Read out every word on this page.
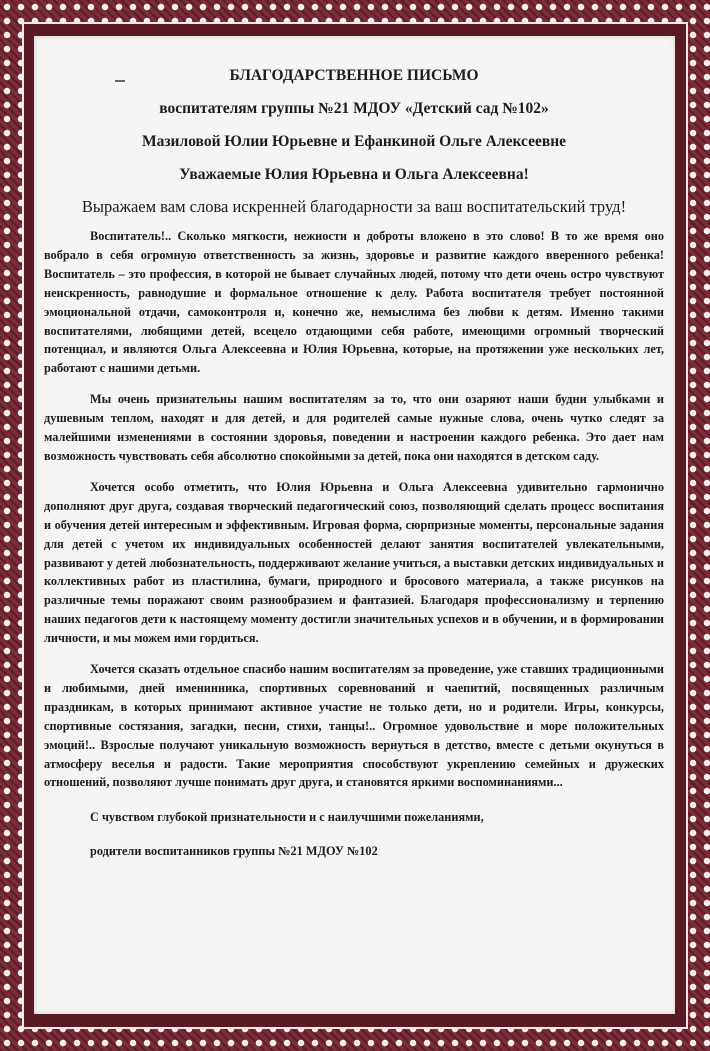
БЛАГОДАРСТВЕННОЕ ПИСЬМО
воспитателям группы №21 МДОУ «Детский сад №102»
Мазиловой Юлии Юрьевне и Ефанкиной Ольге Алексеевне
Уважаемые Юлия Юрьевна и Ольга Алексеевна!
Выражаем вам слова искренней благодарности за ваш воспитательский труд!

Воспитатель!.. Сколько мягкости, нежности и доброты вложено в это слово! В то же время оно вобрало в себя огромную ответственность за жизнь, здоровье и развитие каждого вверенного ребенка! Воспитатель – это профессия, в которой не бывает случайных людей, потому что дети очень остро чувствуют неискренность, равнодушие и формальное отношение к делу. Работа воспитателя требует постоянной эмоциональной отдачи, самоконтроля и, конечно же, немыслима без любви к детям. Именно такими воспитателями, любящими детей, всецело отдающими себя работе, имеющими огромный творческий потенциал, и являются Ольга Алексеевна и Юлия Юрьевна, которые, на протяжении уже нескольких лет, работают с нашими детьми.

Мы очень признательны нашим воспитателям за то, что они озаряют наши будни улыбками и душевным теплом, находят и для детей, и для родителей самые нужные слова, очень чутко следят за малейшими изменениями в состоянии здоровья, поведении и настроении каждого ребенка. Это дает нам возможность чувствовать себя абсолютно спокойными за детей, пока они находятся в детском саду.

Хочется особо отметить, что Юлия Юрьевна и Ольга Алексеевна удивительно гармонично дополняют друг друга, создавая творческий педагогический союз, позволяющий сделать процесс воспитания и обучения детей интересным и эффективным. Игровая форма, сюрпризные моменты, персональные задания для детей с учетом их индивидуальных особенностей делают занятия воспитателей увлекательными, развивают у детей любознательность, поддерживают желание учиться, а выставки детских индивидуальных и коллективных работ из пластилина, бумаги, природного и бросового материала, а также рисунков на различные темы поражают своим разнообразием и фантазией. Благодаря профессионализму и терпению наших педагогов дети к настоящему моменту достигли значительных успехов и в обучении, и в формировании личности, и мы можем ими гордиться.

Хочется сказать отдельное спасибо нашим воспитателям за проведение, уже ставших традиционными и любимыми, дней именинника, спортивных соревнований и чаепитий, посвященных различным праздникам, в которых принимают активное участие не только дети, но и родители. Игры, конкурсы, спортивные состязания, загадки, песни, стихи, танцы!.. Огромное удовольствие и море положительных эмоций!.. Взрослые получают уникальную возможность вернуться в детство, вместе с детьми окунуться в атмосферу веселья и радости. Такие мероприятия способствуют укреплению семейных и дружеских отношений, позволяют лучше понимать друг друга, и становятся яркими воспоминаниями...

С чувством глубокой признательности и с наилучшими пожеланиями,
родители воспитанников группы №21 МДОУ №102
